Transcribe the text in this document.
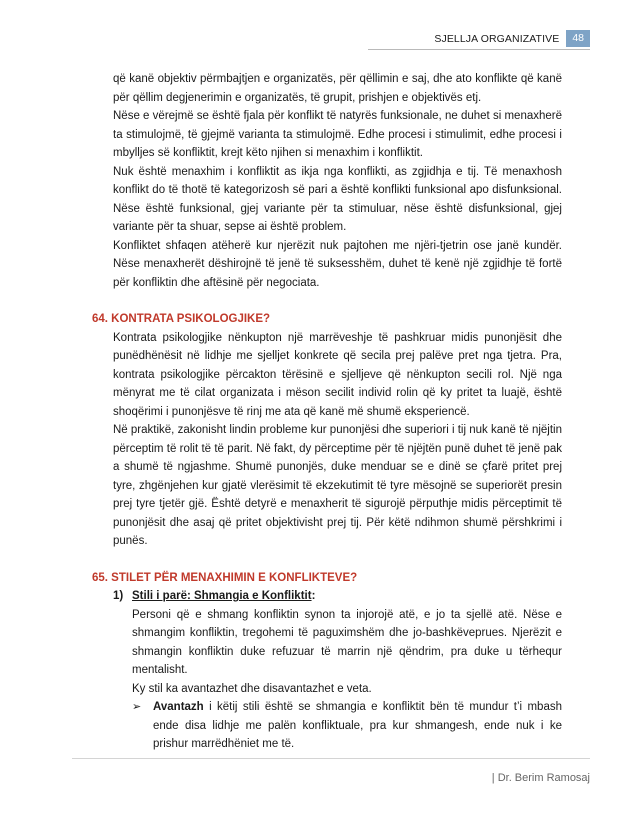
SJELLJA ORGANIZATIVE	48

që kanë objektiv përmbajtjen e organizatës, për qëllimin e saj, dhe ato konflikte që kanë për qëllim degjenerimin e organizatës, të grupit, prishjen e objektivës etj.

Nëse e vërejmë se është fjala për konflikt të natyrës funksionale, ne duhet si menaxherë ta stimulojmë, të gjejmë varianta ta stimulojmë. Edhe procesi i stimulimit, edhe procesi i mbylljes së konfliktit, krejt këto njihen si menaxhim i konfliktit.

Nuk është menaxhim i konfliktit as ikja nga konflikti, as zgjidhja e tij. Të menaxhosh konflikt do të thotë të kategorizosh së pari a është konflikti funksional apo disfunksional. Nëse është funksional, gjej variante për ta stimuluar, nëse është disfunksional, gjej variante për ta shuar, sepse ai është problem.

Konfliktet shfaqen atëherë kur njerëzit nuk pajtohen me njëri-tjetrin ose janë kundër. Nëse menaxherët dëshirojnë të jenë të suksesshëm, duhet të kenë një zgjidhje të fortë për konfliktin dhe aftësinë për negociata.

64. KONTRATA PSIKOLOGJIKE?

Kontrata psikologjike nënkupton një marrëveshje të pashkruar midis punonjësit dhe punëdhënësit në lidhje me sjelljet konkrete që secila prej palëve pret nga tjetra. Pra, kontrata psikologjike përcakton tërësinë e sjelljeve që nënkupton secili rol. Një nga mënyrat me të cilat organizata i mëson secilit individ rolin që ky pritet ta luajë, është shoqërimi i punonjësve të rinj me ata që kanë më shumë eksperiencë.

Në praktikë, zakonisht lindin probleme kur punonjësi dhe superiori i tij nuk kanë të njëjtin përceptim të rolit të të parit. Në fakt, dy përceptime për të njëjtën punë duhet të jenë pak a shumë të ngjashme. Shumë punonjës, duke menduar se e dinë se çfarë pritet prej tyre, zhgënjehen kur gjatë vlerësimit të ekzekutimit të tyre mësojnë se superiorët presin prej tyre tjetër gjë. Është detyrë e menaxherit të sigurojë përputhje midis përceptimit të punonjësit dhe asaj që pritet objektivisht prej tij. Për këtë ndihmon shumë përshkrimi i punës.

65. STILET PËR MENAXHIMIN E KONFLIKTEVE?

1) Stili i parë: Shmangia e Konfliktit:

Personi që e shmang konfliktin synon ta injorojë atë, e jo ta sjellë atë. Nëse e shmangim konfliktin, tregohemi të paguximshëm dhe jo-bashkëveprues. Njerëzit e shmangin konfliktin duke refuzuar të marrin një qëndrim, pra duke u tërhequr mentalisht.

Ky stil ka avantazhet dhe disavantazhet e veta.

➢	Avantazh i këtij stili është se shmangia e konfliktit bën të mundur t’i mbash ende disa lidhje me palën konfliktuale, pra kur shmangesh, ende nuk i ke prishur marrëdhëniet me të.
| Dr. Berim Ramosaj
